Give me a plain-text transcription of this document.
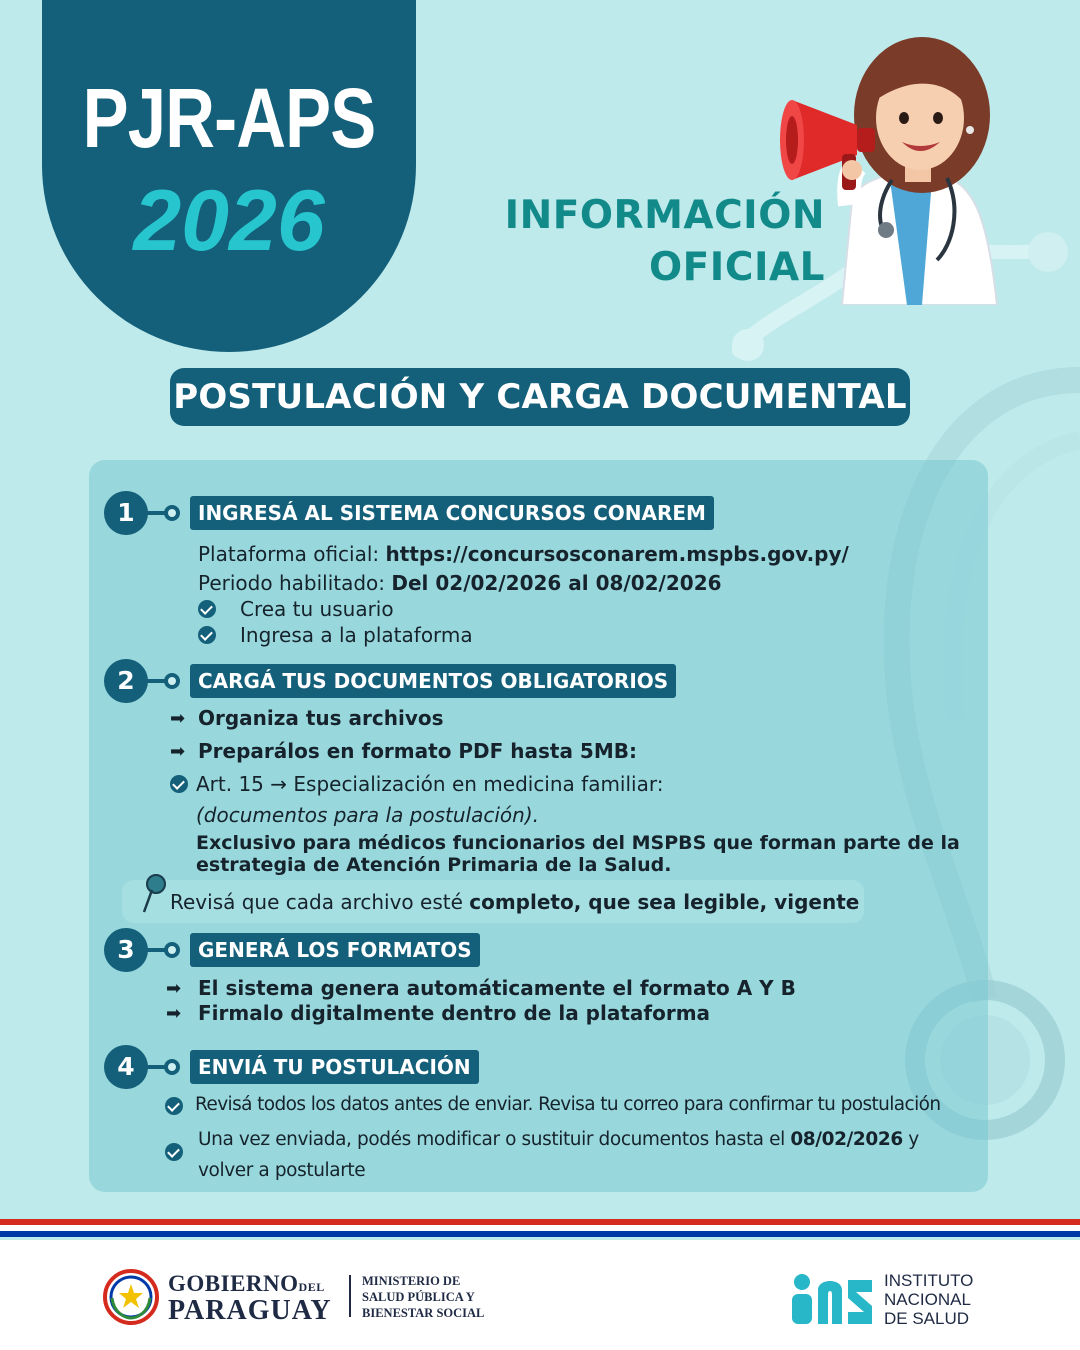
PJR-APS
2026	INFORMACIÓN
OFICIAL
POSTULACIÓN Y CARGA DOCUMENTAL
1	INGRESÁ AL SISTEMA CONCURSOS CONAREM
Plataforma oficial: https://concursosconarem.mspbs.gov.py/
Periodo habilitado: Del 02/02/2026 al 08/02/2026
Crea tu usuario
Ingresa a la plataforma
2	CARGÁ TUS DOCUMENTOS OBLIGATORIOS
➡ Organiza tus archivos
➡ Preparálos en formato PDF hasta 5MB:
Art. 15 → Especialización en medicina familiar:
(documentos para la postulación).
Exclusivo para médicos funcionarios del MSPBS que forman parte de la
estrategia de Atención Primaria de la Salud.
Revisá que cada archivo esté completo, que sea legible, vigente
3	GENERÁ LOS FORMATOS
➡ El sistema genera automáticamente el formato A Y B
➡ Firmalo digitalmente dentro de la plataforma
4	ENVIÁ TU POSTULACIÓN
Revisá todos los datos antes de enviar. Revisa tu correo para confirmar tu postulación
Una vez enviada, podés modificar o sustituir documentos hasta el 08/02/2026 y
volver a postularte
GOBIERNODEL
PARAGUAY
MINISTERIO DE
SALUD PÚBLICA Y
BIENESTAR SOCIAL
INSTITUTO
NACIONAL
DE SALUD
